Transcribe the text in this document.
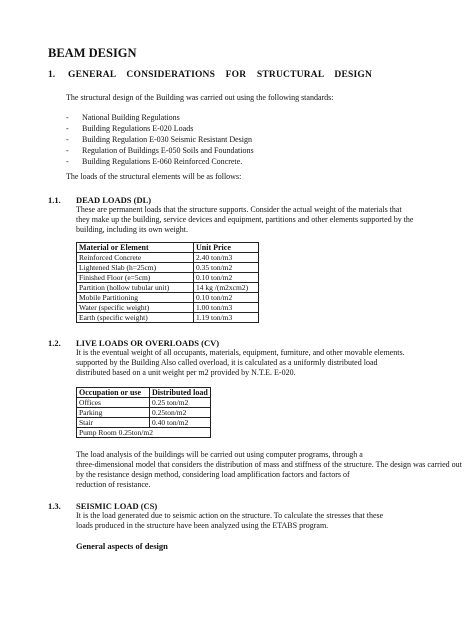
BEAM DESIGN
1. GENERAL CONSIDERATIONS FOR STRUCTURAL DESIGN
The structural design of the Building was carried out using the following standards:
- National Building Regulations
- Building Regulations E-020 Loads
- Building Regulation E-030 Seismic Resistant Design
- Regulation of Buildings E-050 Soils and Foundations
- Building Regulations E-060 Reinforced Concrete.
The loads of the structural elements will be as follows:
1.1. DEAD LOADS (DL)
These are permanent loads that the structure supports. Consider the actual weight of the materials that
they make up the building, service devices and equipment, partitions and other elements supported by the
building, including its own weight.
Material or Element	Unit Price
Reinforced Concrete	2.40 ton/m3
Lightened Slab (h=25cm)	0.35 ton/m2
Finished Floor (e=5cm)	0.10 ton/m2
Partition (hollow tubular unit)	14 kg /(m2xcm2)
Mobile Partitioning	0.10 ton/m2
Water (specific weight)	1.00 ton/m3
Earth (specific weight)	1.19 ton/m3
1.2. LIVE LOADS OR OVERLOADS (CV)
It is the eventual weight of all occupants, materials, equipment, furniture, and other movable elements.
supported by the Building Also called overload, it is calculated as a uniformly distributed load
distributed based on a unit weight per m2 provided by N.T.E. E-020.
Occupation or use	Distributed load
Offices	0.25 ton/m2
Parking	0.25ton/m2
Stair	0.40 ton/m2
Pump Room 0.25ton/m2	
The load analysis of the buildings will be carried out using computer programs, through a
three-dimensional model that considers the distribution of mass and stiffness of the structure. The design was carried out
by the resistance design method, considering load amplification factors and factors of
reduction of resistance.
1.3. SEISMIC LOAD (CS)
It is the load generated due to seismic action on the structure. To calculate the stresses that these
loads produced in the structure have been analyzed using the ETABS program.
General aspects of design
